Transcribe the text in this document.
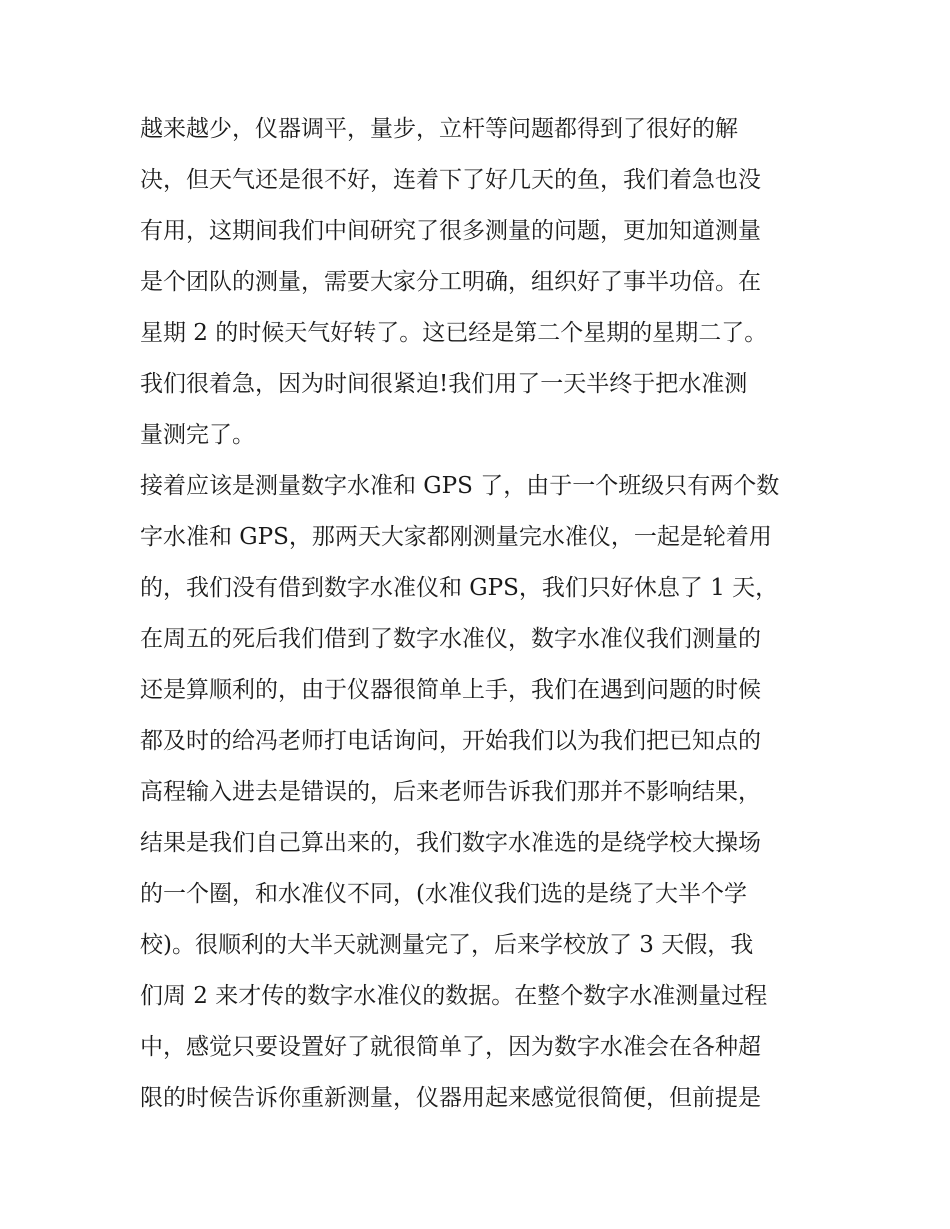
越来越少，仪器调平，量步，立杆等问题都得到了很好的解
决，但天气还是很不好，连着下了好几天的鱼，我们着急也没
有用，这期间我们中间研究了很多测量的问题，更加知道测量
是个团队的测量，需要大家分工明确，组织好了事半功倍。在
星期 2 的时候天气好转了。这已经是第二个星期的星期二了。
我们很着急，因为时间很紧迫!我们用了一天半终于把水准测
量测完了。
接着应该是测量数字水准和 GPS 了，由于一个班级只有两个数
字水准和 GPS，那两天大家都刚测量完水准仪，一起是轮着用
的，我们没有借到数字水准仪和 GPS，我们只好休息了 1 天，
在周五的死后我们借到了数字水准仪，数字水准仪我们测量的
还是算顺利的，由于仪器很简单上手，我们在遇到问题的时候
都及时的给冯老师打电话询问，开始我们以为我们把已知点的
高程输入进去是错误的，后来老师告诉我们那并不影响结果，
结果是我们自己算出来的，我们数字水准选的是绕学校大操场
的一个圈，和水准仪不同，(水准仪我们选的是绕了大半个学
校)。很顺利的大半天就测量完了，后来学校放了 3 天假，我
们周 2 来才传的数字水准仪的数据。在整个数字水准测量过程
中，感觉只要设置好了就很简单了，因为数字水准会在各种超
限的时候告诉你重新测量，仪器用起来感觉很简便，但前提是
